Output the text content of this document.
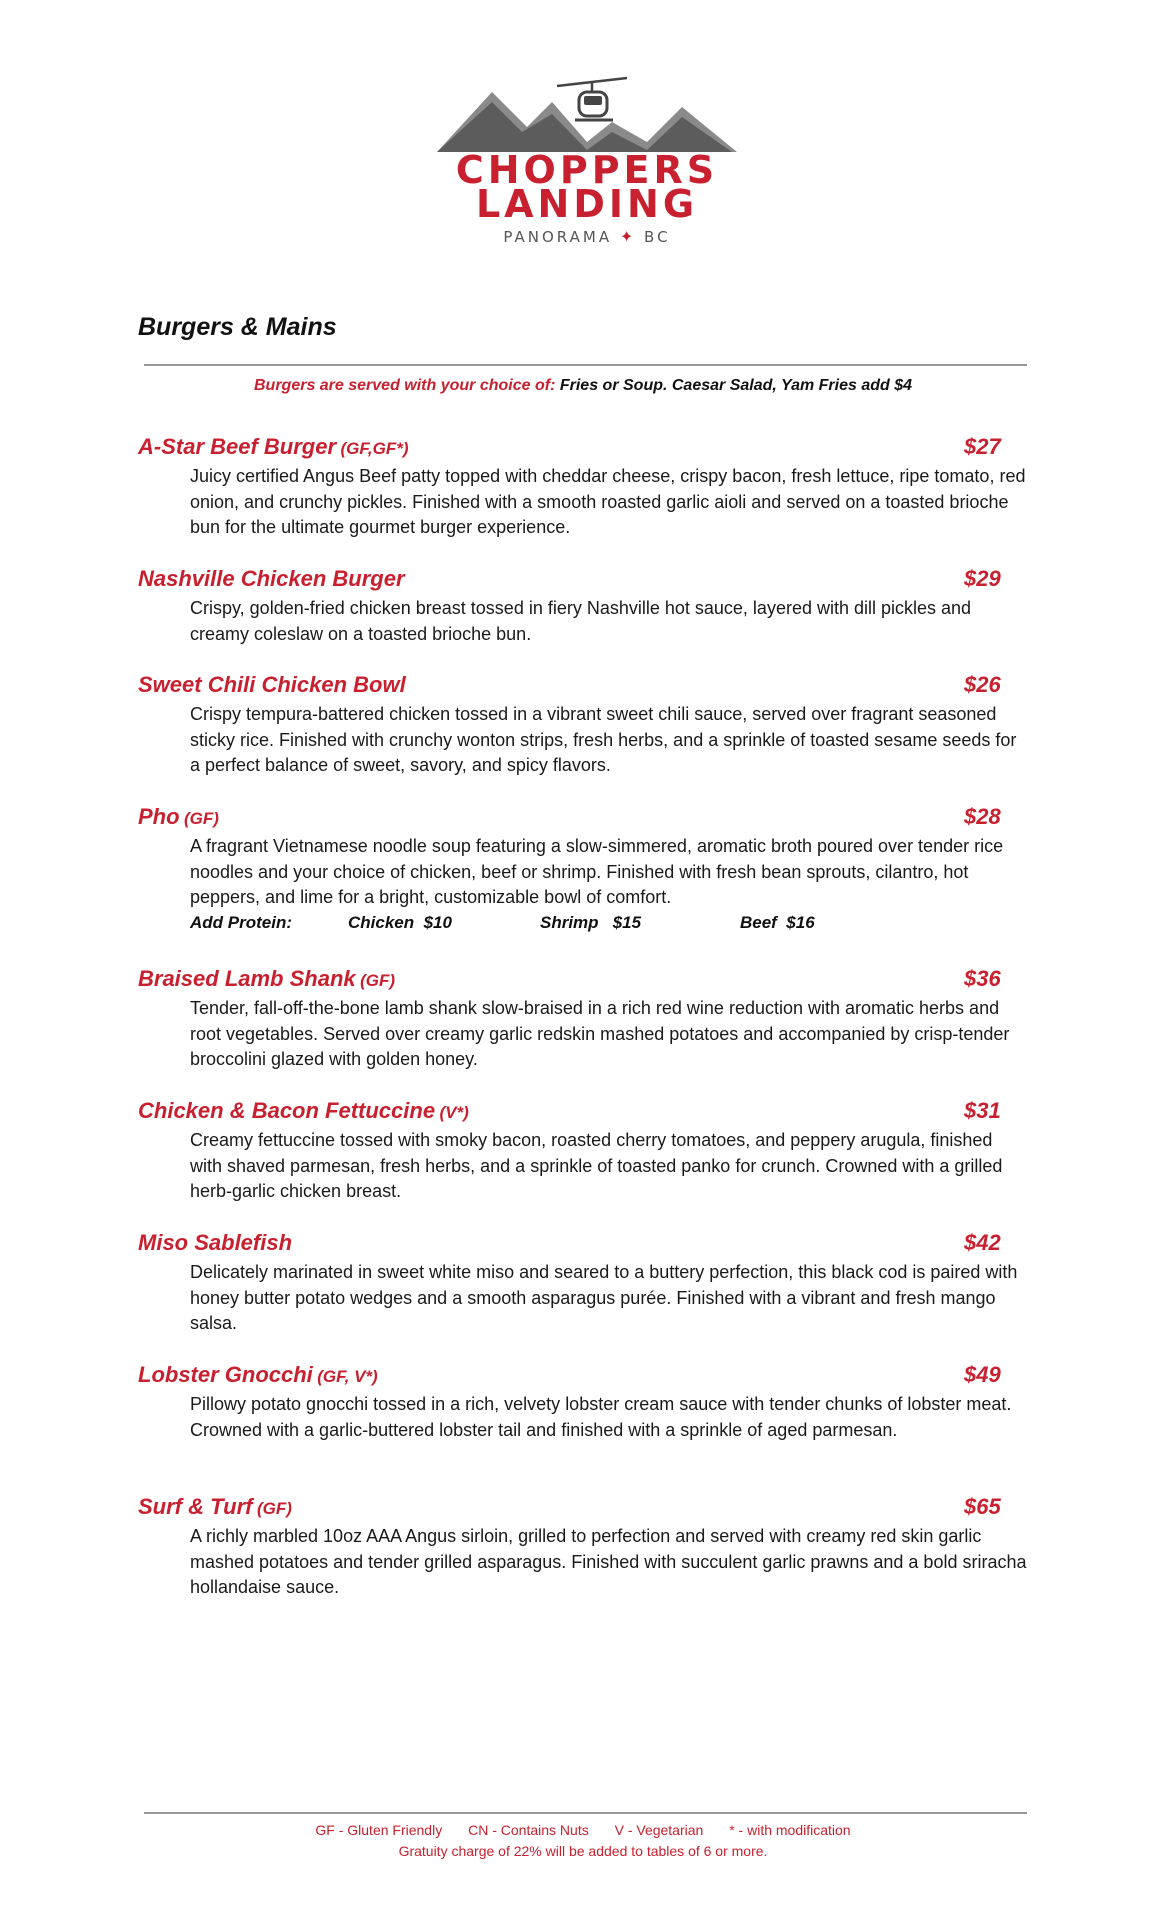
CHOPPERS
LANDING
PANORAMA ✦ BC
Burgers & Mains
Burgers are served with your choice of: Fries or Soup. Caesar Salad, Yam Fries add $4
A-Star Beef Burger (GF,GF*)	$27
Juicy certified Angus Beef patty topped with cheddar cheese, crispy bacon, fresh lettuce, ripe tomato, red onion, and crunchy pickles. Finished with a smooth roasted garlic aioli and served on a toasted brioche bun for the ultimate gourmet burger experience.
Nashville Chicken Burger	$29
Crispy, golden-fried chicken breast tossed in fiery Nashville hot sauce, layered with dill pickles and creamy coleslaw on a toasted brioche bun.
Sweet Chili Chicken Bowl	$26
Crispy tempura-battered chicken tossed in a vibrant sweet chili sauce, served over fragrant seasoned sticky rice. Finished with crunchy wonton strips, fresh herbs, and a sprinkle of toasted sesame seeds for a perfect balance of sweet, savory, and spicy flavors.
Pho (GF)	$28
A fragrant Vietnamese noodle soup featuring a slow-simmered, aromatic broth poured over tender rice noodles and your choice of chicken, beef or shrimp. Finished with fresh bean sprouts, cilantro, hot peppers, and lime for a bright, customizable bowl of comfort.
Add Protein:	Chicken  $10	Shrimp   $15	Beef  $16
Braised Lamb Shank (GF)	$36
Tender, fall-off-the-bone lamb shank slow-braised in a rich red wine reduction with aromatic herbs and root vegetables. Served over creamy garlic redskin mashed potatoes and accompanied by crisp-tender broccolini glazed with golden honey.
Chicken & Bacon Fettuccine (V*)	$31
Creamy fettuccine tossed with smoky bacon, roasted cherry tomatoes, and peppery arugula, finished with shaved parmesan, fresh herbs, and a sprinkle of toasted panko for crunch. Crowned with a grilled herb-garlic chicken breast.
Miso Sablefish	$42
Delicately marinated in sweet white miso and seared to a buttery perfection, this black cod is paired with honey butter potato wedges and a smooth asparagus purée. Finished with a vibrant and fresh mango salsa.
Lobster Gnocchi (GF, V*)	$49
Pillowy potato gnocchi tossed in a rich, velvety lobster cream sauce with tender chunks of lobster meat. Crowned with a garlic-buttered lobster tail and finished with a sprinkle of aged parmesan.
Surf & Turf (GF)	$65
A richly marbled 10oz AAA Angus sirloin, grilled to perfection and served with creamy red skin garlic mashed potatoes and tender grilled asparagus. Finished with succulent garlic prawns and a bold sriracha hollandaise sauce.
GF - Gluten Friendly CN - Contains Nuts V - Vegetarian * - with modification
Gratuity charge of 22% will be added to tables of 6 or more.
